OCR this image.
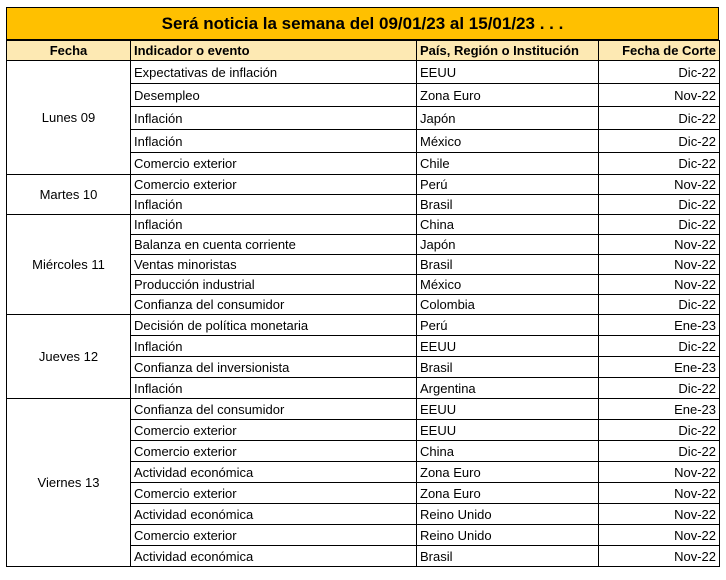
Será noticia la semana del 09/01/23 al 15/01/23 . . .
Fecha	Indicador o evento	País, Región o Institución	Fecha de Corte
Lunes 09	Expectativas de inflación	EEUU	Dic-22
	Desempleo	Zona Euro	Nov-22
	Inflación	Japón	Dic-22
	Inflación	México	Dic-22
	Comercio exterior	Chile	Dic-22
Martes 10	Comercio exterior	Perú	Nov-22
	Inflación	Brasil	Dic-22
Miércoles 11	Inflación	China	Dic-22
	Balanza en cuenta corriente	Japón	Nov-22
	Ventas minoristas	Brasil	Nov-22
	Producción industrial	México	Nov-22
	Confianza del consumidor	Colombia	Dic-22
Jueves 12	Decisión de política monetaria	Perú	Ene-23
	Inflación	EEUU	Dic-22
	Confianza del inversionista	Brasil	Ene-23
	Inflación	Argentina	Dic-22
Viernes 13	Confianza del consumidor	EEUU	Ene-23
	Comercio exterior	EEUU	Dic-22
	Comercio exterior	China	Dic-22
	Actividad económica	Zona Euro	Nov-22
	Comercio exterior	Zona Euro	Nov-22
	Actividad económica	Reino Unido	Nov-22
	Comercio exterior	Reino Unido	Nov-22
	Actividad económica	Brasil	Nov-22
